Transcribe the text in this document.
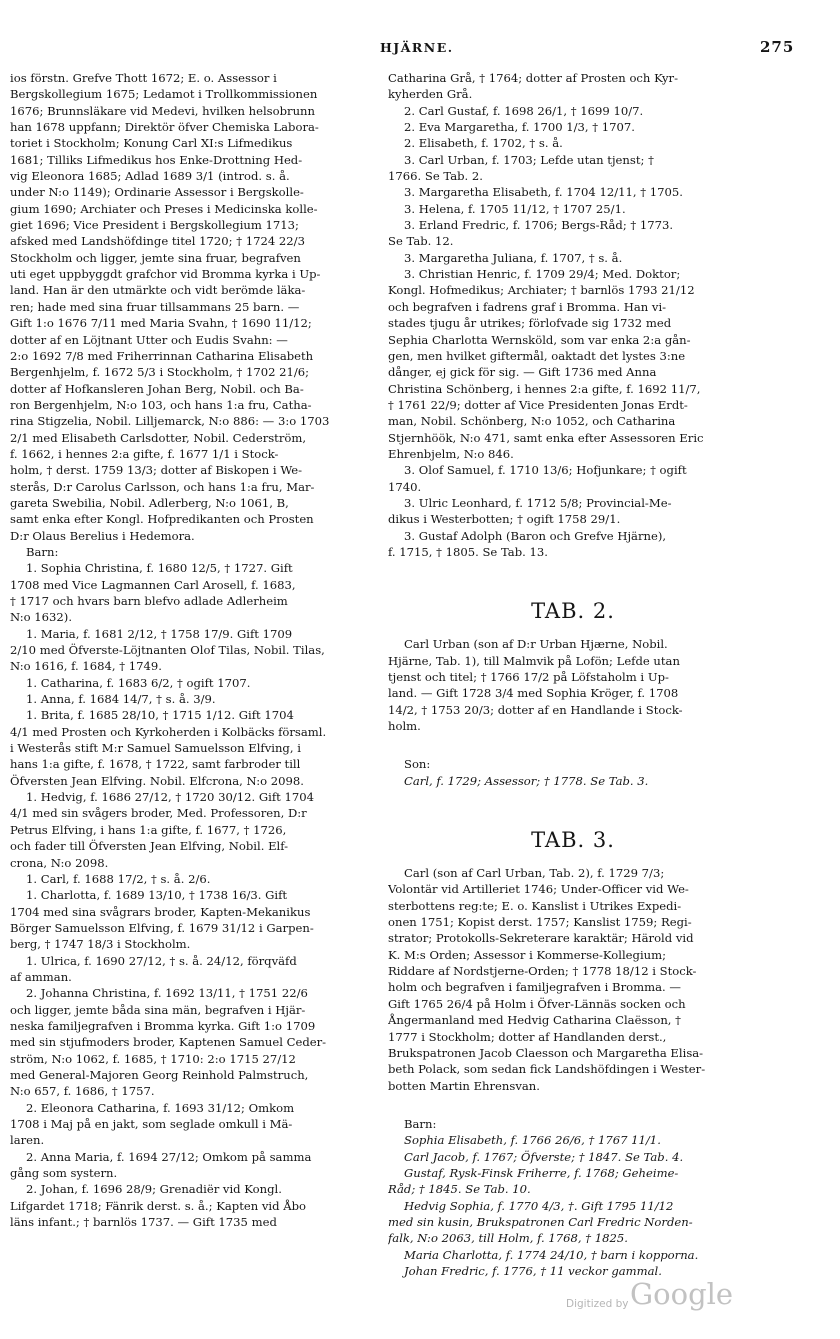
HJÄRNE.	275
ios förstn. Grefve Thott 1672; E. o. Assessor i
Bergskollegium 1675; Ledamot i Trollkommissionen
1676; Brunnsläkare vid Medevi, hvilken helsobrunn
han 1678 uppfann; Direktör öfver Chemiska Labora-
toriet i Stockholm; Konung Carl XI:s Lifmedikus
1681; Tilliks Lifmedikus hos Enke-Drottning Hed-
vig Eleonora 1685; Adlad 1689 3/1 (introd. s. å.
under N:o 1149); Ordinarie Assessor i Bergskolle-
gium 1690; Archiater och Preses i Medicinska kolle-
giet 1696; Vice President i Bergskollegium 1713;
afsked med Landshöfdinge titel 1720; † 1724 22/3
Stockholm och ligger, jemte sina fruar, begrafven
uti eget uppbyggdt grafchor vid Bromma kyrka i Up-
land. Han är den utmärkte och vidt berömde läka-
ren; hade med sina fruar tillsammans 25 barn. —
Gift 1:o 1676 7/11 med Maria Svahn, † 1690 11/12;
dotter af en Löjtnant Utter och Eudis Svahn: —
2:o 1692 7/8 med Friherrinnan Catharina Elisabeth
Bergenhjelm, f. 1672 5/3 i Stockholm, † 1702 21/6;
dotter af Hofkansleren Johan Berg, Nobil. och Ba-
ron Bergenhjelm, N:o 103, och hans 1:a fru, Catha-
rina Stigzelia, Nobil. Lilljemarck, N:o 886: — 3:o 1703
2/1 med Elisabeth Carlsdotter, Nobil. Cederström,
f. 1662, i hennes 2:a gifte, f. 1677 1/1 i Stock-
holm, † derst. 1759 13/3; dotter af Biskopen i We-
sterås, D:r Carolus Carlsson, och hans 1:a fru, Mar-
gareta Swebilia, Nobil. Adlerberg, N:o 1061, B,
samt enka efter Kongl. Hofpredikanten och Prosten
D:r Olaus Berelius i Hedemora.
Barn:
1. Sophia Christina, f. 1680 12/5, † 1727. Gift
1708 med Vice Lagmannen Carl Arosell, f. 1683,
† 1717 och hvars barn blefvo adlade Adlerheim
N:o 1632).
1. Maria, f. 1681 2/12, † 1758 17/9. Gift 1709
2/10 med Öfverste-Löjtnanten Olof Tilas, Nobil. Tilas,
N:o 1616, f. 1684, † 1749.
1. Catharina, f. 1683 6/2, † ogift 1707.
1. Anna, f. 1684 14/7, † s. å. 3/9.
1. Brita, f. 1685 28/10, † 1715 1/12. Gift 1704
4/1 med Prosten och Kyrkoherden i Kolbäcks församl.
i Westerås stift M:r Samuel Samuelsson Elfving, i
hans 1:a gifte, f. 1678, † 1722, samt farbroder till
Öfversten Jean Elfving. Nobil. Elfcrona, N:o 2098.
1. Hedvig, f. 1686 27/12, † 1720 30/12. Gift 1704
4/1 med sin svågers broder, Med. Professoren, D:r
Petrus Elfving, i hans 1:a gifte, f. 1677, † 1726,
och fader till Öfversten Jean Elfving, Nobil. Elf-
crona, N:o 2098.
1. Carl, f. 1688 17/2, † s. å. 2/6.
1. Charlotta, f. 1689 13/10, † 1738 16/3. Gift
1704 med sina svågrars broder, Kapten-Mekanikus
Börger Samuelsson Elfving, f. 1679 31/12 i Garpen-
berg, † 1747 18/3 i Stockholm.
1. Ulrica, f. 1690 27/12, † s. å. 24/12, förqväfd
af amman.
2. Johanna Christina, f. 1692 13/11, † 1751 22/6
och ligger, jemte båda sina män, begrafven i Hjär-
neska familjegrafven i Bromma kyrka. Gift 1:o 1709
med sin stjufmoders broder, Kaptenen Samuel Ceder-
ström, N:o 1062, f. 1685, † 1710: 2:o 1715 27/12
med General-Majoren Georg Reinhold Palmstruch,
N:o 657, f. 1686, † 1757.
2. Eleonora Catharina, f. 1693 31/12; Omkom
1708 i Maj på en jakt, som seglade omkull i Mä-
laren.
2. Anna Maria, f. 1694 27/12; Omkom på samma
gång som systern.
2. Johan, f. 1696 28/9; Grenadiër vid Kongl.
Lifgardet 1718; Fänrik derst. s. å.; Kapten vid Åbo
läns infant.; † barnlös 1737. — Gift 1735 med
Catharina Grå, † 1764; dotter af Prosten och Kyr-
kyherden Grå.
2. Carl Gustaf, f. 1698 26/1, † 1699 10/7.
2. Eva Margaretha, f. 1700 1/3, † 1707.
2. Elisabeth, f. 1702, † s. å.
3. Carl Urban, f. 1703; Lefde utan tjenst; †
1766. Se Tab. 2.
3. Margaretha Elisabeth, f. 1704 12/11, † 1705.
3. Helena, f. 1705 11/12, † 1707 25/1.
3. Erland Fredric, f. 1706; Bergs-Råd; † 1773.
Se Tab. 12.
3. Margaretha Juliana, f. 1707, † s. å.
3. Christian Henric, f. 1709 29/4; Med. Doktor;
Kongl. Hofmedikus; Archiater; † barnlös 1793 21/12
och begrafven i fadrens graf i Bromma. Han vi-
stades tjugu år utrikes; förlofvade sig 1732 med
Sephia Charlotta Wernsköld, som var enka 2:a gån-
gen, men hvilket giftermål, oaktadt det lystes 3:ne
dånger, ej gick för sig. — Gift 1736 med Anna
Christina Schönberg, i hennes 2:a gifte, f. 1692 11/7,
† 1761 22/9; dotter af Vice Presidenten Jonas Erdt-
man, Nobil. Schönberg, N:o 1052, och Catharina
Stjernhöök, N:o 471, samt enka efter Assessoren Eric
Ehrenbjelm, N:o 846.
3. Olof Samuel, f. 1710 13/6; Hofjunkare; † ogift
1740.
3. Ulric Leonhard, f. 1712 5/8; Provincial-Me-
dikus i Westerbotten; † ogift 1758 29/1.
3. Gustaf Adolph (Baron och Grefve Hjärne),
f. 1715, † 1805. Se Tab. 13.
TAB. 2.
Carl Urban (son af D:r Urban Hjærne, Nobil.
Hjärne, Tab. 1), till Malmvik på Lofön; Lefde utan
tjenst och titel; † 1766 17/2 på Löfstaholm i Up-
land. — Gift 1728 3/4 med Sophia Kröger, f. 1708
14/2, † 1753 20/3; dotter af en Handlande i Stock-
holm.
Son:
Carl, f. 1729; Assessor; † 1778. Se Tab. 3.
TAB. 3.
Carl (son af Carl Urban, Tab. 2), f. 1729 7/3;
Volontär vid Artilleriet 1746; Under-Officer vid We-
sterbottens reg:te; E. o. Kanslist i Utrikes Expedi-
onen 1751; Kopist derst. 1757; Kanslist 1759; Regi-
strator; Protokolls-Sekreterare karaktär; Härold vid
K. M:s Orden; Assessor i Kommerse-Kollegium;
Riddare af Nordstjerne-Orden; † 1778 18/12 i Stock-
holm och begrafven i familjegrafven i Bromma. —
Gift 1765 26/4 på Holm i Öfver-Lännäs socken och
Ångermanland med Hedvig Catharina Claësson, †
1777 i Stockholm; dotter af Handlanden derst.,
Brukspatronen Jacob Claesson och Margaretha Elisa-
beth Polack, som sedan fick Landshöfdingen i Wester-
botten Martin Ehrensvan.
Barn:
Sophia Elisabeth, f. 1766 26/6, † 1767 11/1.
Carl Jacob, f. 1767; Öfverste; † 1847. Se Tab. 4.
Gustaf, Rysk-Finsk Friherre, f. 1768; Geheime-
Råd; † 1845. Se Tab. 10.
Hedvig Sophia, f. 1770 4/3, †. Gift 1795 11/12
med sin kusin, Brukspatronen Carl Fredric Norden-
falk, N:o 2063, till Holm, f. 1768, † 1825.
Maria Charlotta, f. 1774 24/10, † barn i kopporna.
Johan Fredric, f. 1776, † 11 veckor gammal.
Digitized by Google
